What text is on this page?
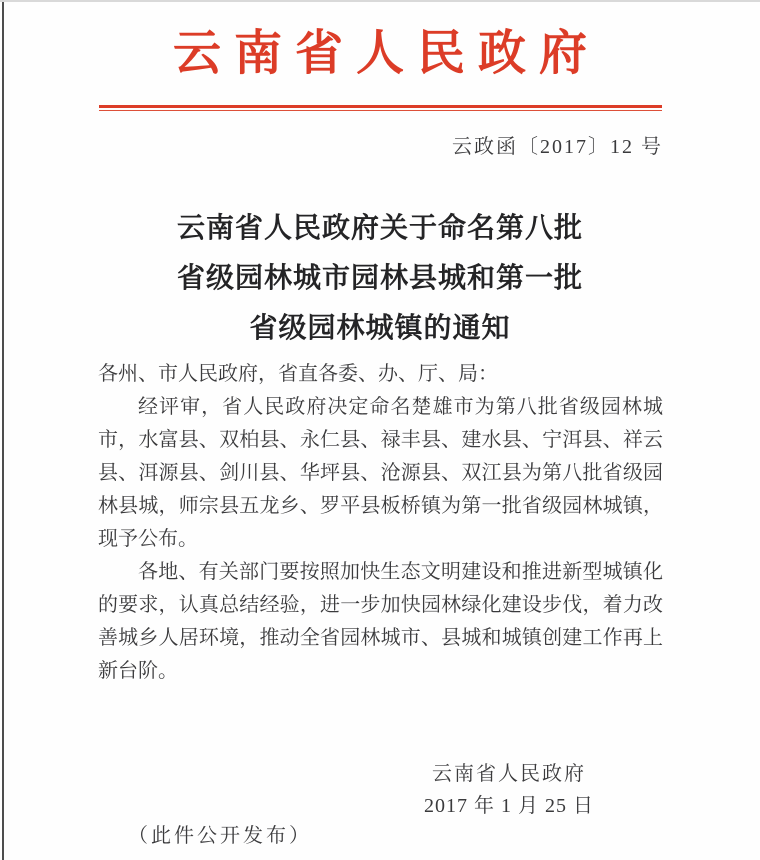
云南省人民政府
云政函〔2017〕12 号
云南省人民政府关于命名第八批
省级园林城市园林县城和第一批
省级园林城镇的通知
各州、市人民政府，省直各委、办、厅、局：
经评审，省人民政府决定命名楚雄市为第八批省级园林城
市，水富县、双柏县、永仁县、禄丰县、建水县、宁洱县、祥云
县、洱源县、剑川县、华坪县、沧源县、双江县为第八批省级园
林县城，师宗县五龙乡、罗平县板桥镇为第一批省级园林城镇，
现予公布。
各地、有关部门要按照加快生态文明建设和推进新型城镇化
的要求，认真总结经验，进一步加快园林绿化建设步伐，着力改
善城乡人居环境，推动全省园林城市、县城和城镇创建工作再上
新台阶。
云南省人民政府
2017 年 1 月 25 日
（此件公开发布）
